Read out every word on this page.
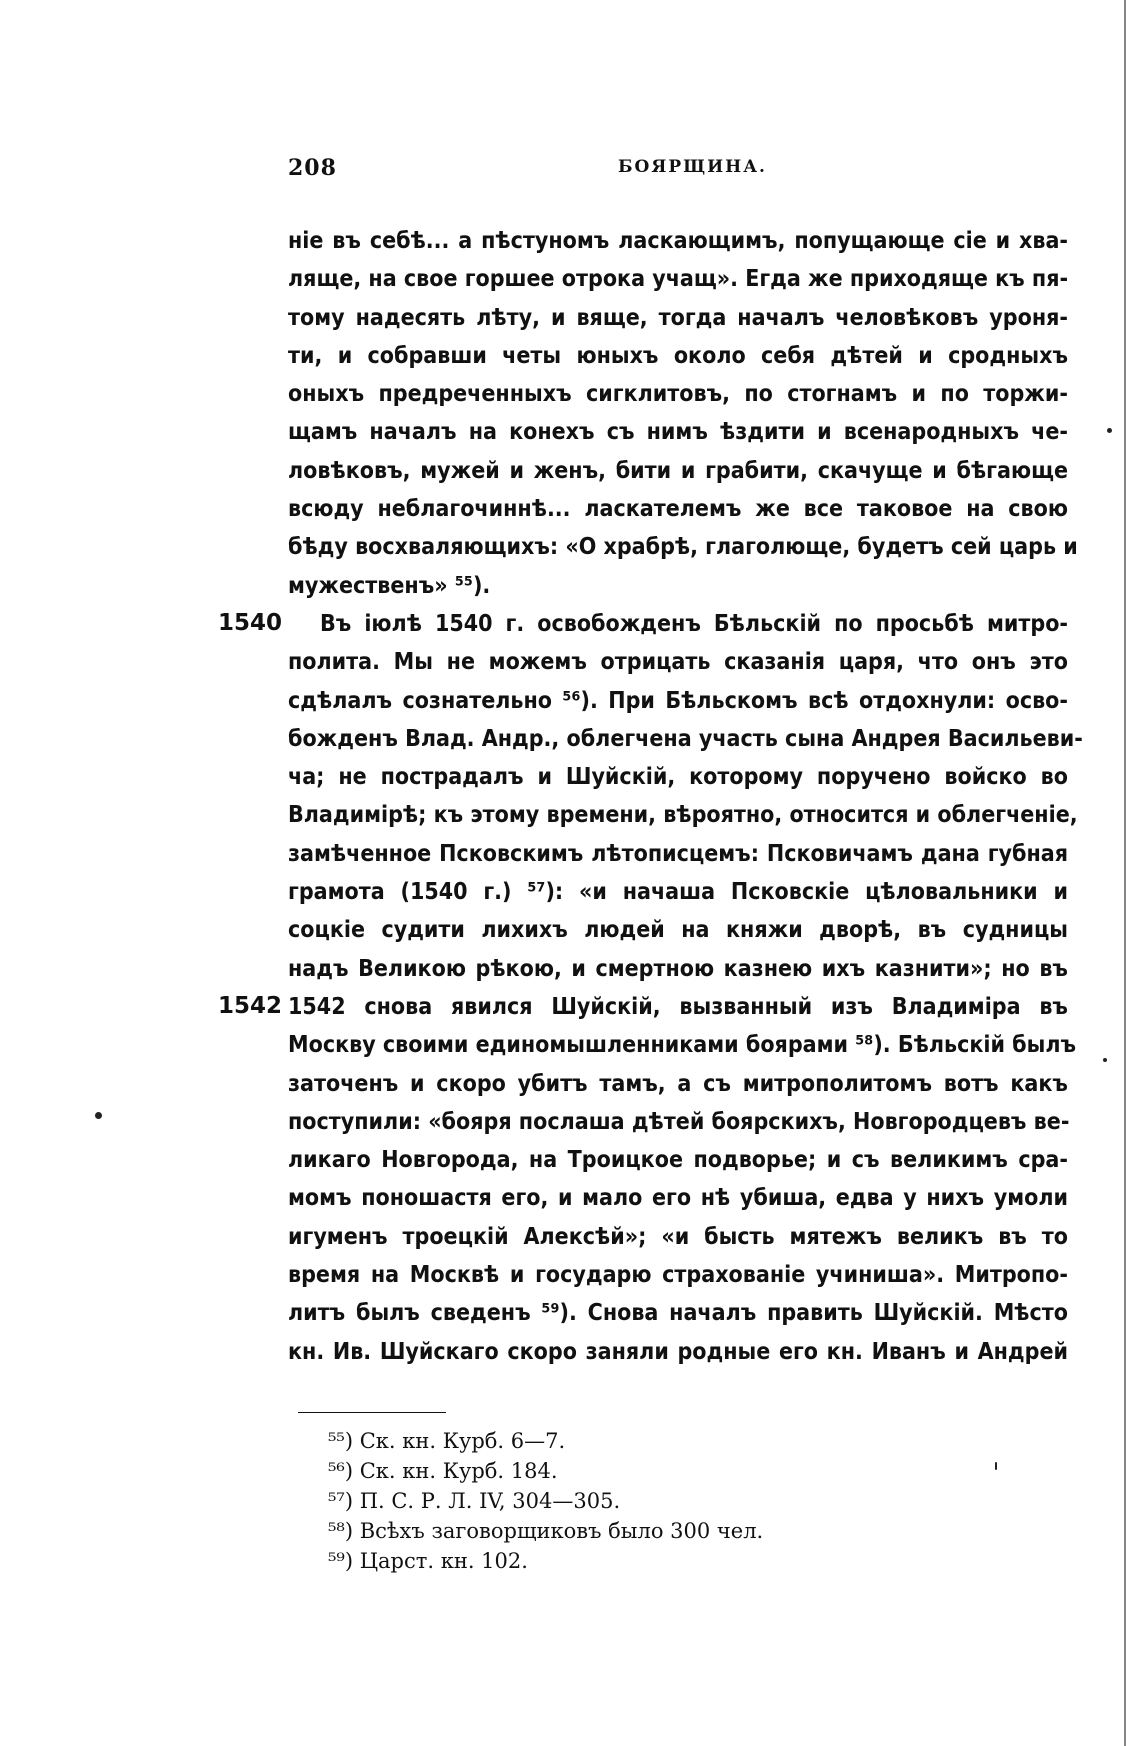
208	БОЯРЩИНА.
1540
1542
ніе въ себѣ... а пѣстуномъ ласкающимъ, попущающе сіе и хва-
лящe, на свое горшее отрока учащ». Егда же приходяще къ пя-
тому надесять лѣту, и вяще, тогда началъ человѣковъ уроня-
ти, и собравши четы юныхъ около себя дѣтей и сродныхъ
оныхъ предреченныхъ сигклитовъ, по стогнамъ и по торжи-
щамъ началъ на конехъ съ нимъ ѣздити и всенародныхъ че-
ловѣковъ, мужей и женъ, бити и грабити, скачуще и бѣгающе
всюду неблагочиннѣ... ласкателемъ же все таковое на свою
бѣду восхваляющихъ: «О храбрѣ, глаголюще, будетъ сей царь и
мужественъ» ⁵⁵).
Въ іюлѣ 1540 г. освобожденъ Бѣльскій по просьбѣ митро-
полита. Мы не можемъ отрицать сказанія царя, что онъ это
сдѣлалъ сознательно ⁵⁶). При Бѣльскомъ всѣ отдохнули: осво-
божденъ Влад. Андр., облегчена участь сына Андрея Васильеви-
ча; не пострадалъ и Шуйскій, которому поручено войско во
Владимірѣ; къ этому времени, вѣроятно, относится и облегченіе,
замѣченное Псковскимъ лѣтописцемъ: Псковичамъ дана губная
грамота (1540 г.) ⁵⁷): «и начаша Псковскіе цѣловальники и
соцкіе судити лихихъ людей на княжи дворѣ, въ судницы
надъ Великою рѣкою, и смертною казнею ихъ казнити»; но въ
1542 снова явился Шуйскій, вызванный изъ Владиміра въ
Москву своими единомышленниками боярами ⁵⁸). Бѣльскій былъ
заточенъ и скоро убитъ тамъ, а съ митрополитомъ вотъ какъ
поступили: «бояря послаша дѣтей боярскихъ, Новгородцевъ ве-
ликаго Новгорода, на Троицкое подворье; и съ великимъ сра-
момъ поношастя его, и мало его нѣ убиша, едва у нихъ умоли
игуменъ троецкій Алексѣй»; «и бысть мятежъ великъ въ то
время на Москвѣ и государю страхованіе учиниша». Митропо-
литъ былъ сведенъ ⁵⁹). Снова началъ править Шуйскій. Мѣсто
кн. Ив. Шуйскаго скоро заняли родные его кн. Иванъ и Андрей
⁵⁵) Ск. кн. Курб. 6—7.
⁵⁶) Ск. кн. Курб. 184.
⁵⁷) П. С. Р. Л. IV, 304—305.
⁵⁸) Всѣхъ заговорщиковъ было 300 чел.
⁵⁹) Царст. кн. 102.
